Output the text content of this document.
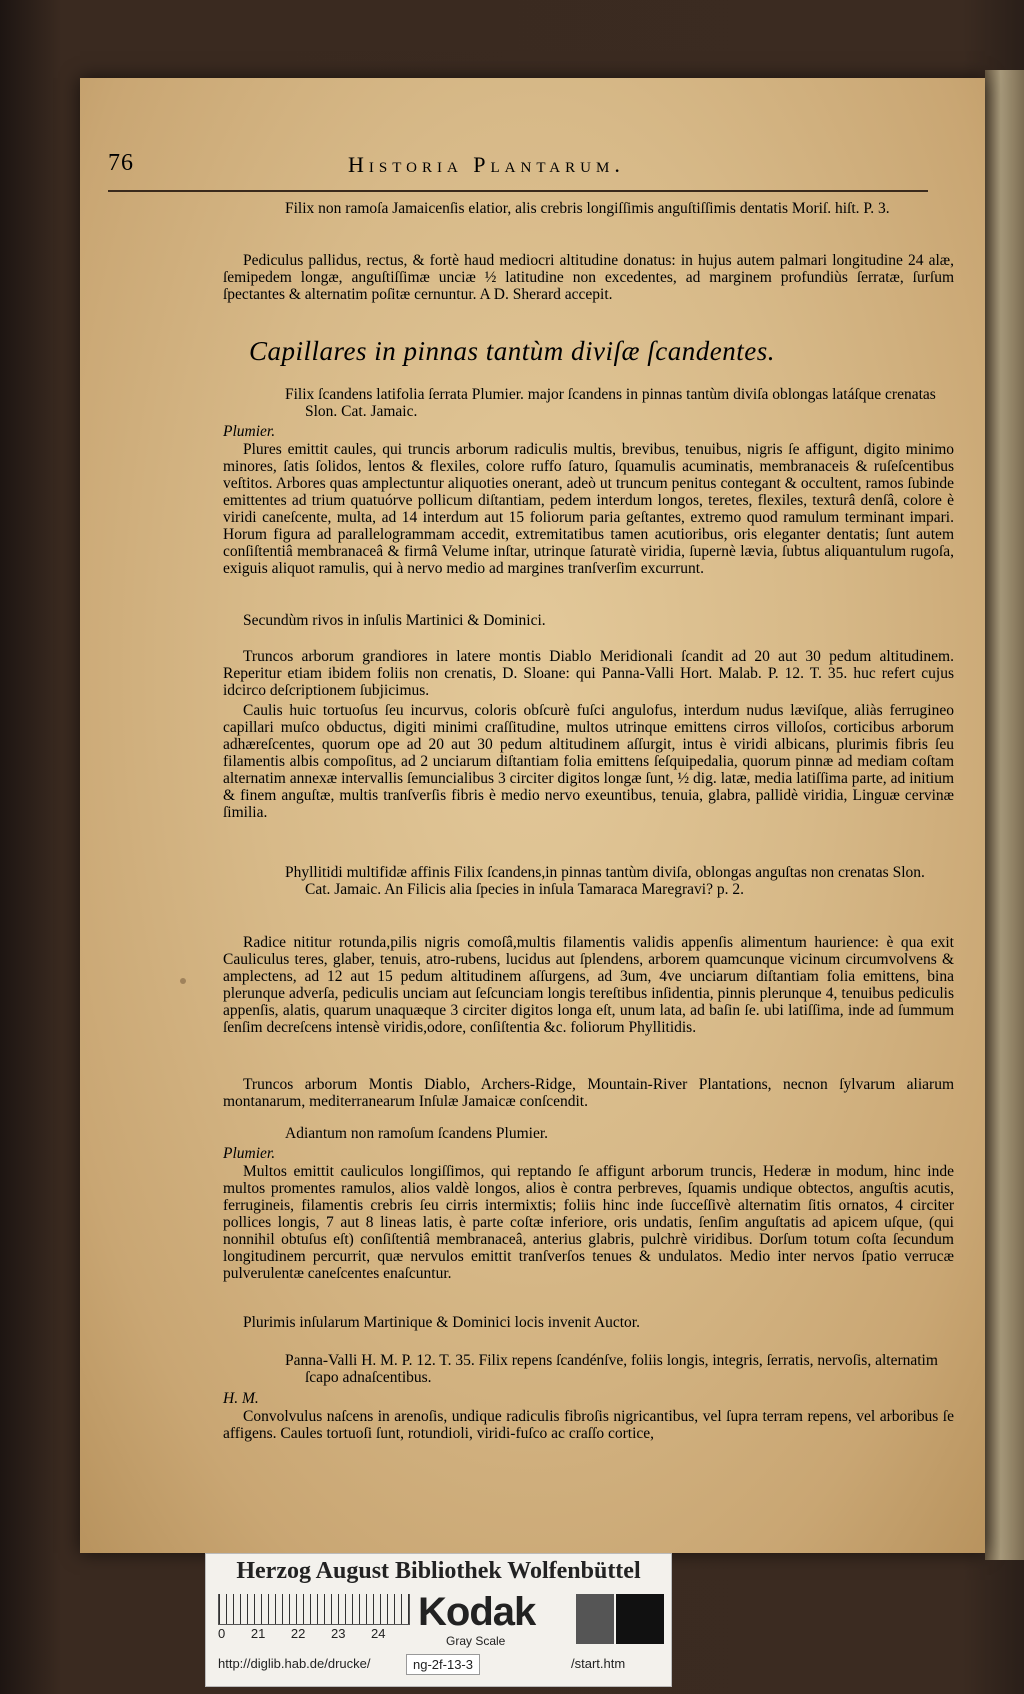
76	Historia Plantarum.

Filix non ramoſa Jamaicenſis elatior, alis crebris longiſſimis anguſtiſſimis dentatis Moriſ. hiſt. P. 3.

Pediculus pallidus, rectus, & fortè haud mediocri altitudine donatus: in hujus autem palmari longitudine 24 alæ, ſemipedem longæ, anguſtiſſimæ unciæ ½ latitudine non excedentes, ad marginem profundiùs ſerratæ, ſurſum ſpectantes & alternatim poſitæ cernuntur. A D. Sherard accepit.

Capillares in pinnas tantùm diviſæ ſcandentes.

Filix ſcandens latifolia ſerrata Plumier. major ſcandens in pinnas tantùm diviſa oblongas latáſque crenatas Slon. Cat. Jamaic.

Plumier.

Plures emittit caules, qui truncis arborum radiculis multis, brevibus, tenuibus, nigris ſe affigunt, digito minimo minores, ſatis ſolidos, lentos & flexiles, colore ruffo ſaturo, ſquamulis acuminatis, membranaceis & ruſeſcentibus veſtitos. Arbores quas amplectuntur aliquoties onerant, adeò ut truncum penitus contegant & occultent, ramos ſubinde emittentes ad trium quatuórve pollicum diſtantiam, pedem interdum longos, teretes, flexiles, texturâ denſâ, colore è viridi caneſcente, multa, ad 14 interdum aut 15 foliorum paria geſtantes, extremo quod ramulum terminant impari. Horum figura ad parallelogrammam accedit, extremitatibus tamen acutioribus, oris eleganter dentatis; ſunt autem conſiſtentiâ membranaceâ & firmâ Velume inſtar, utrinque ſaturatè viridia, ſupernè lævia, ſubtus aliquantulum rugoſa, exiguis aliquot ramulis, qui à nervo medio ad margines tranſverſim excurrunt.

Secundùm rivos in inſulis Martinici & Dominici.

Truncos arborum grandiores in latere montis Diablo Meridionali ſcandit ad 20 aut 30 pedum altitudinem. Reperitur etiam ibidem foliis non crenatis, D. Sloane: qui Panna-Valli Hort. Malab. P. 12. T. 35. huc refert cujus idcirco deſcriptionem ſubjicimus.

Caulis huic tortuoſus ſeu incurvus, coloris obſcurè fuſci angulofus, interdum nudus læviſque, aliàs ferrugineo capillari muſco obductus, digiti minimi craſſitudine, multos utrinque emittens cirros villoſos, corticibus arborum adhæreſcentes, quorum ope ad 20 aut 30 pedum altitudinem aſſurgit, intus è viridi albicans, plurimis fibris ſeu filamentis albis compoſitus, ad 2 unciarum diſtantiam folia emittens ſeſquipedalia, quorum pinnæ ad mediam coſtam alternatim annexæ intervallis ſemuncialibus 3 circiter digitos longæ ſunt, ½ dig. latæ, media latiſſima parte, ad initium & finem anguſtæ, multis tranſverſis fibris è medio nervo exeuntibus, tenuia, glabra, pallidè viridia, Linguæ cervinæ ſimilia.

Phyllitidi multifidæ affinis Filix ſcandens,in pinnas tantùm diviſa, oblongas anguſtas non crenatas Slon. Cat. Jamaic. An Filicis alia ſpecies in inſula Tamaraca Maregravi? p. 2.

Radice nititur rotunda,pilis nigris comoſâ,multis filamentis validis appenſis alimentum haurience: è qua exit Cauliculus teres, glaber, tenuis, atro-rubens, lucidus aut ſplendens, arborem quamcunque vicinum circumvolvens & amplectens, ad 12 aut 15 pedum altitudinem aſſurgens, ad 3um, 4ve unciarum diſtantiam folia emittens, bina plerunque adverſa, pediculis unciam aut ſeſcunciam longis tereſtibus inſidentia, pinnis plerunque 4, tenuibus pediculis appenſis, alatis, quarum unaquæque 3 circiter digitos longa eſt, unum lata, ad baſin ſe. ubi latiſſima, inde ad ſummum ſenſim decreſcens intensè viridis,odore, conſiſtentia &c. foliorum Phyllitidis.

Truncos arborum Montis Diablo, Archers-Ridge, Mountain-River Plantations, necnon ſylvarum aliarum montanarum, mediterranearum Inſulæ Jamaicæ conſcendit.

Adiantum non ramoſum ſcandens Plumier.

Plumier.

Multos emittit cauliculos longiſſimos, qui reptando ſe affigunt arborum truncis, Hederæ in modum, hinc inde multos promentes ramulos, alios valdè longos, alios è contra perbreves, ſquamis undique obtectos, anguſtis acutis, ferrugineis, filamentis crebris ſeu cirris intermixtis; foliis hinc inde ſucceſſivè alternatim ſitis ornatos, 4 circiter pollices longis, 7 aut 8 lineas latis, è parte coſtæ inferiore, oris undatis, ſenſim anguſtatis ad apicem uſque, (qui nonnihil obtuſus eſt) conſiſtentiâ membranaceâ, anterius glabris, pulchrè viridibus. Dorſum totum coſta ſecundum longitudinem percurrit, quæ nervulos emittit tranſverſos tenues & undulatos. Medio inter nervos ſpatio verrucæ pulverulentæ caneſcentes enaſcuntur.

Plurimis inſularum Martinique & Dominici locis invenit Auctor.

Panna-Valli H. M. P. 12. T. 35. Filix repens ſcandénſve, foliis longis, integris, ſerratis, nervoſis, alternatim ſcapo adnaſcentibus.

H. M.

Convolvulus naſcens in arenoſis, undique radiculis fibroſis nigricantibus, vel ſupra terram repens, vel arboribus ſe affigens. Caules tortuoſi ſunt, rotundioli, viridi-fuſco ac craſſo cortice,

Herzog August Bibliothek Wolfenbüttel
0 21 22 23 24 Kodak
Gray Scale
http://diglib.hab.de/drucke/	ng-2f-13-3	/start.htm
